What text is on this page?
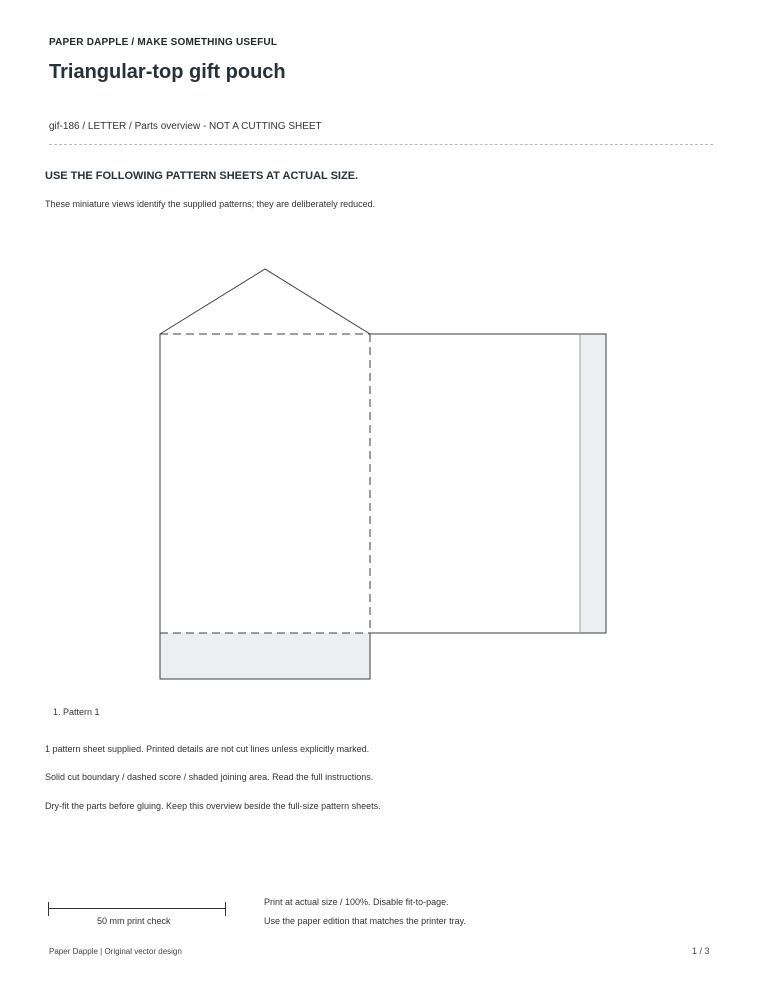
PAPER DAPPLE / MAKE SOMETHING USEFUL
Triangular-top gift pouch
gif-186 / LETTER / Parts overview - NOT A CUTTING SHEET
USE THE FOLLOWING PATTERN SHEETS AT ACTUAL SIZE.
These miniature views identify the supplied patterns; they are deliberately reduced.
1. Pattern 1
1 pattern sheet supplied. Printed details are not cut lines unless explicitly marked.
Solid cut boundary / dashed score / shaded joining area. Read the full instructions.
Dry-fit the parts before gluing. Keep this overview beside the full-size pattern sheets.
50 mm print check
Print at actual size / 100%. Disable fit-to-page.
Use the paper edition that matches the printer tray.
Paper Dapple | Original vector design	1 / 3
